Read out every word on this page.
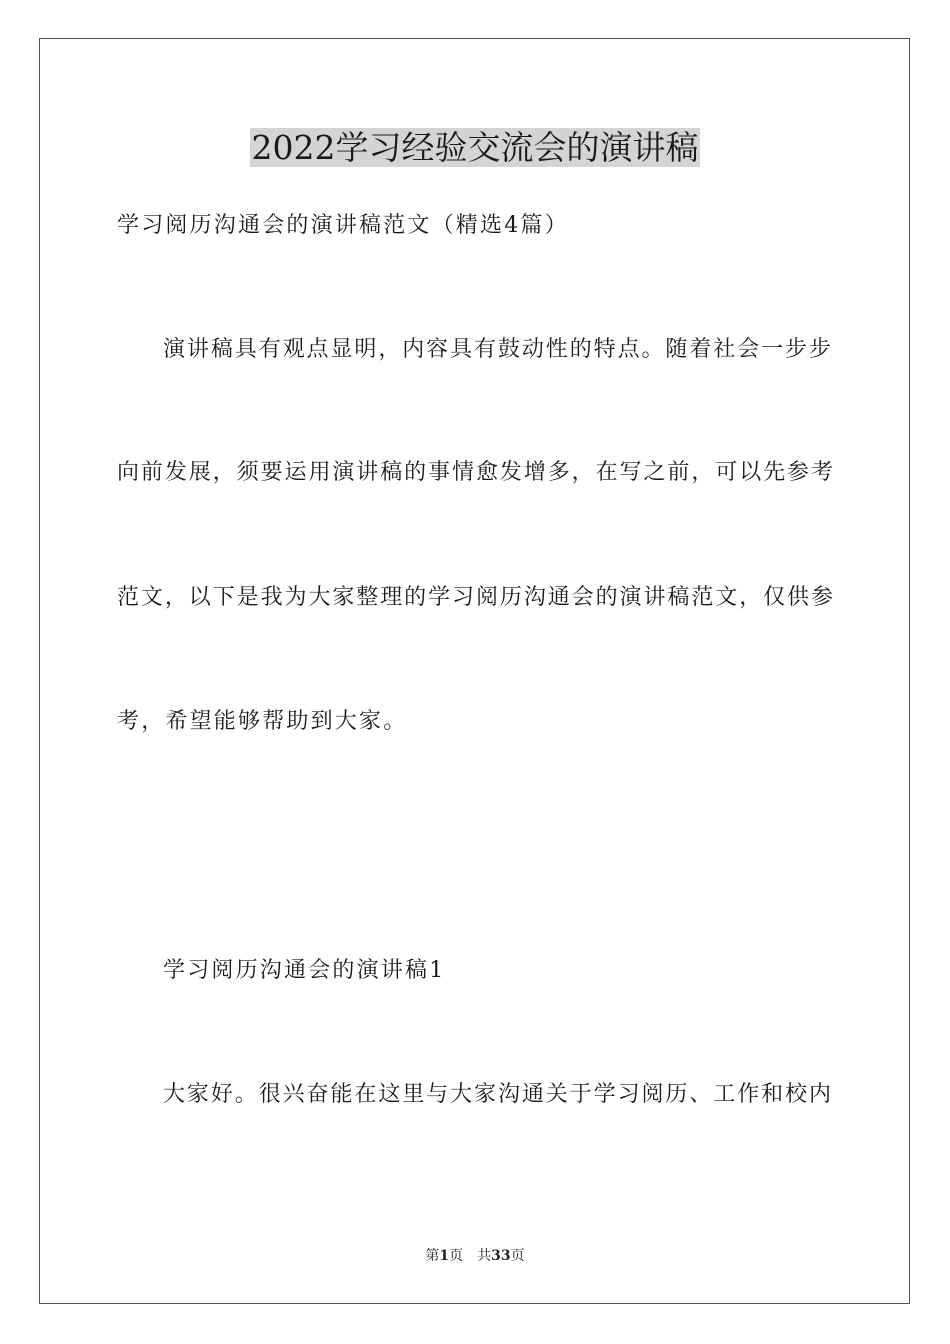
2022学习经验交流会的演讲稿

学习阅历沟通会的演讲稿范文（精选4篇）

演讲稿具有观点显明，内容具有鼓动性的特点。随着社会一步步

向前发展，须要运用演讲稿的事情愈发增多，在写之前，可以先参考

范文，以下是我为大家整理的学习阅历沟通会的演讲稿范文，仅供参

考，希望能够帮助到大家。

学习阅历沟通会的演讲稿1

大家好。很兴奋能在这里与大家沟通关于学习阅历、工作和校内

第1页 共33页
